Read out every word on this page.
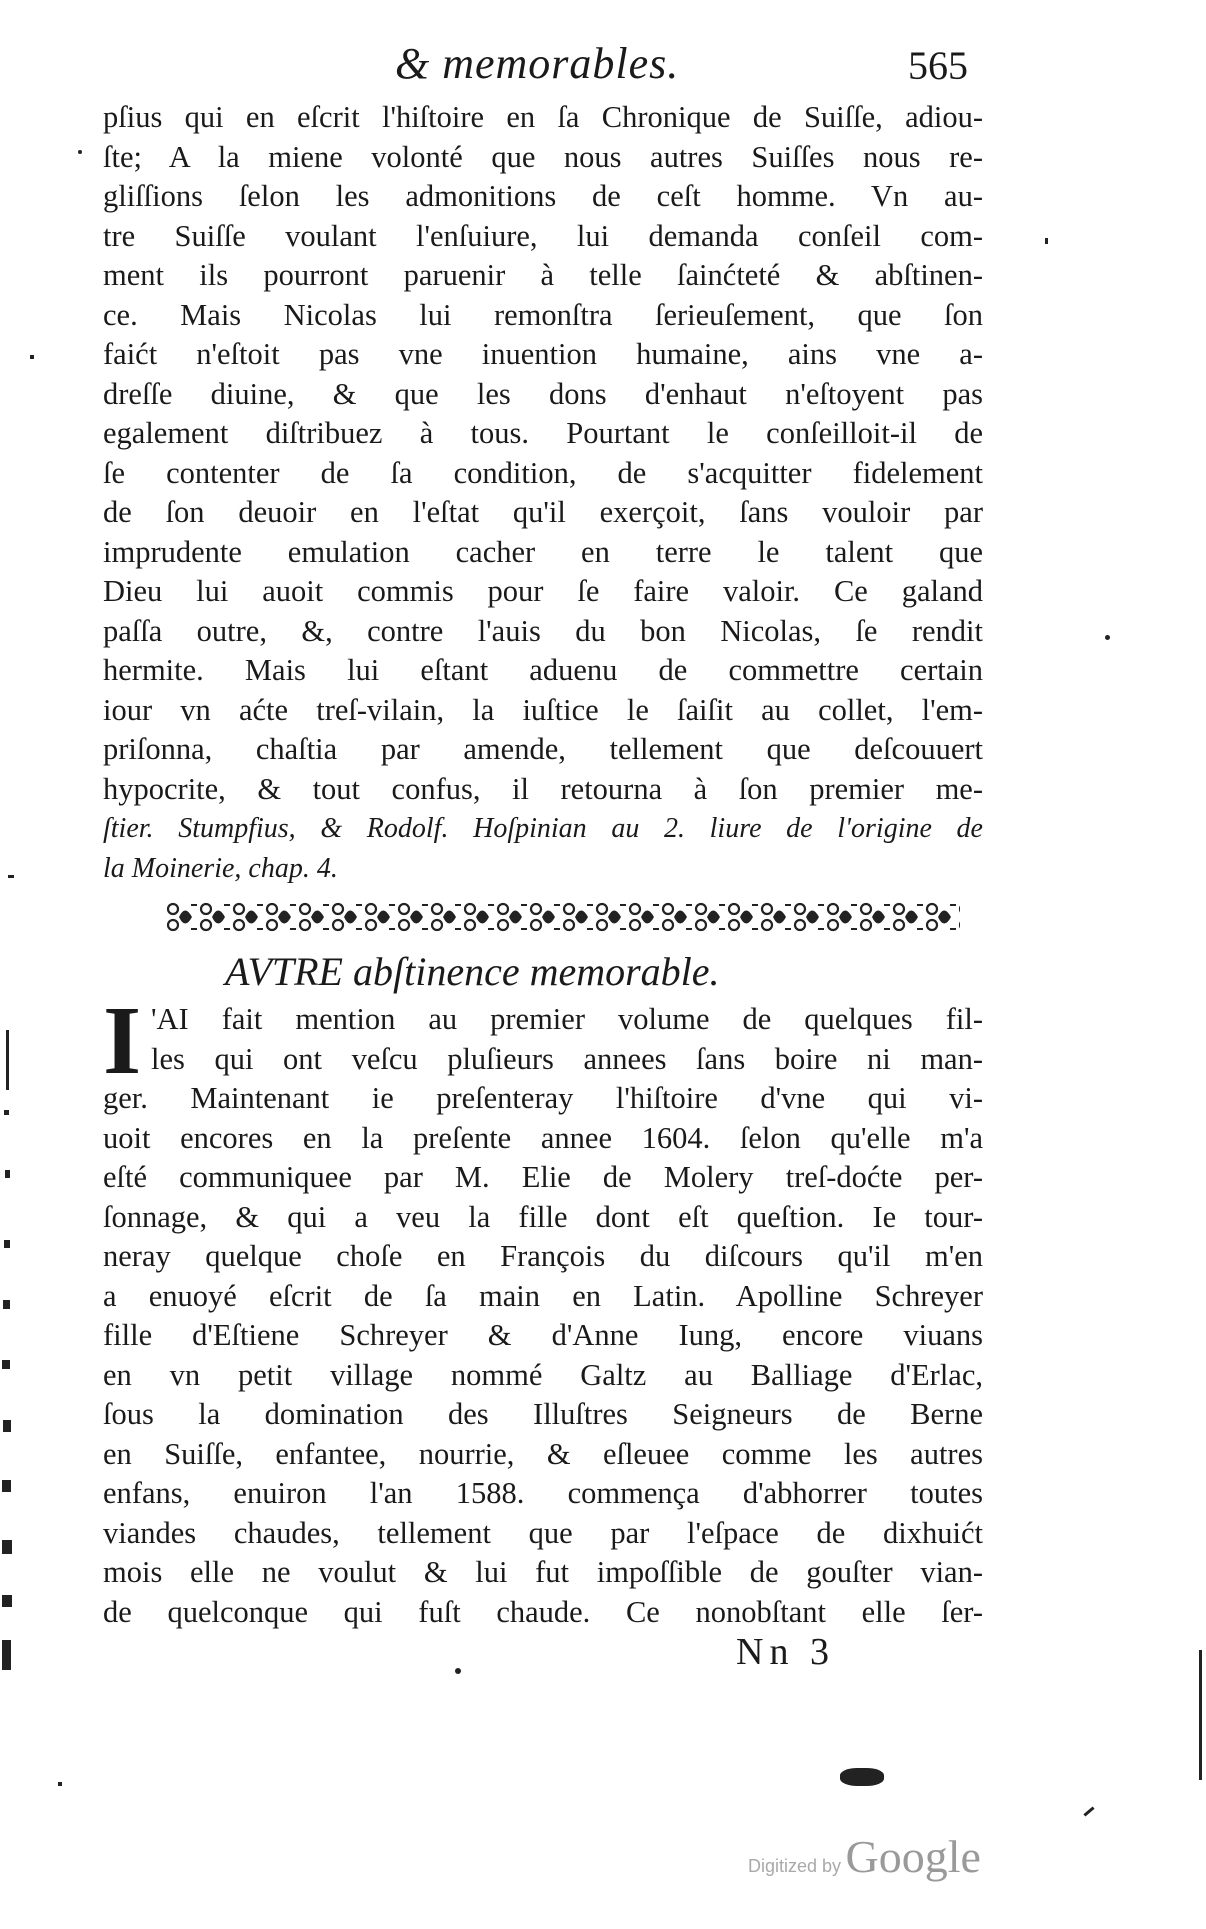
& memorables.	565
pſius qui en eſcrit l'hiſtoire en ſa Chronique de Suiſſe, adiou-
ſte; A la miene volonté que nous autres Suiſſes nous re-
gliſſions ſelon les admonitions de ceſt homme. Vn au-
tre Suiſſe voulant l'enſuiure, lui demanda conſeil com-
ment ils pourront paruenir à telle ſainćteté & abſtinen-
ce. Mais Nicolas lui remonſtra ſerieuſement, que ſon
faićt n'eſtoit pas vne inuention humaine, ains vne a-
dreſſe diuine, & que les dons d'enhaut n'eſtoyent pas
egalement diſtribuez à tous. Pourtant le conſeilloit-il de
ſe contenter de ſa condition, de s'acquitter fidelement
de ſon deuoir en l'eſtat qu'il exerçoit, ſans vouloir par
imprudente emulation cacher en terre le talent que
Dieu lui auoit commis pour ſe faire valoir. Ce galand
paſſa outre, &, contre l'auis du bon Nicolas, ſe rendit
hermite. Mais lui eſtant aduenu de commettre certain
iour vn aćte treſ-vilain, la iuſtice le ſaiſit au collet, l'em-
priſonna, chaſtia par amende, tellement que deſcouuert
hypocrite, & tout confus, il retourna à ſon premier me-
ſtier. Stumpfius, & Rodolf. Hoſpinian au 2. liure de l'origine de
la Moinerie, chap. 4.
AVTRE abſtinence memorable.
I 'AI fait mention au premier volume de quelques fil-
les qui ont veſcu pluſieurs annees ſans boire ni man-
ger. Maintenant ie preſenteray l'hiſtoire d'vne qui vi-
uoit encores en la preſente annee 1604. ſelon qu'elle m'a
eſté communiquee par M. Elie de Molery treſ-doćte per-
ſonnage, & qui a veu la fille dont eſt queſtion. Ie tour-
neray quelque choſe en François du diſcours qu'il m'en
a enuoyé eſcrit de ſa main en Latin. Apolline Schreyer
fille d'Eſtiene Schreyer & d'Anne Iung, encore viuans
en vn petit village nommé Galtz au Balliage d'Erlac,
ſous la domination des Illuſtres Seigneurs de Berne
en Suiſſe, enfantee, nourrie, & eſleuee comme les autres
enfans, enuiron l'an 1588. commença d'abhorrer toutes
viandes chaudes, tellement que par l'eſpace de dixhuićt
mois elle ne voulut & lui fut impoſſible de gouſter vian-
de quelconque qui fuſt chaude. Ce nonobſtant elle ſer-
Nn 3
Digitized by Google
